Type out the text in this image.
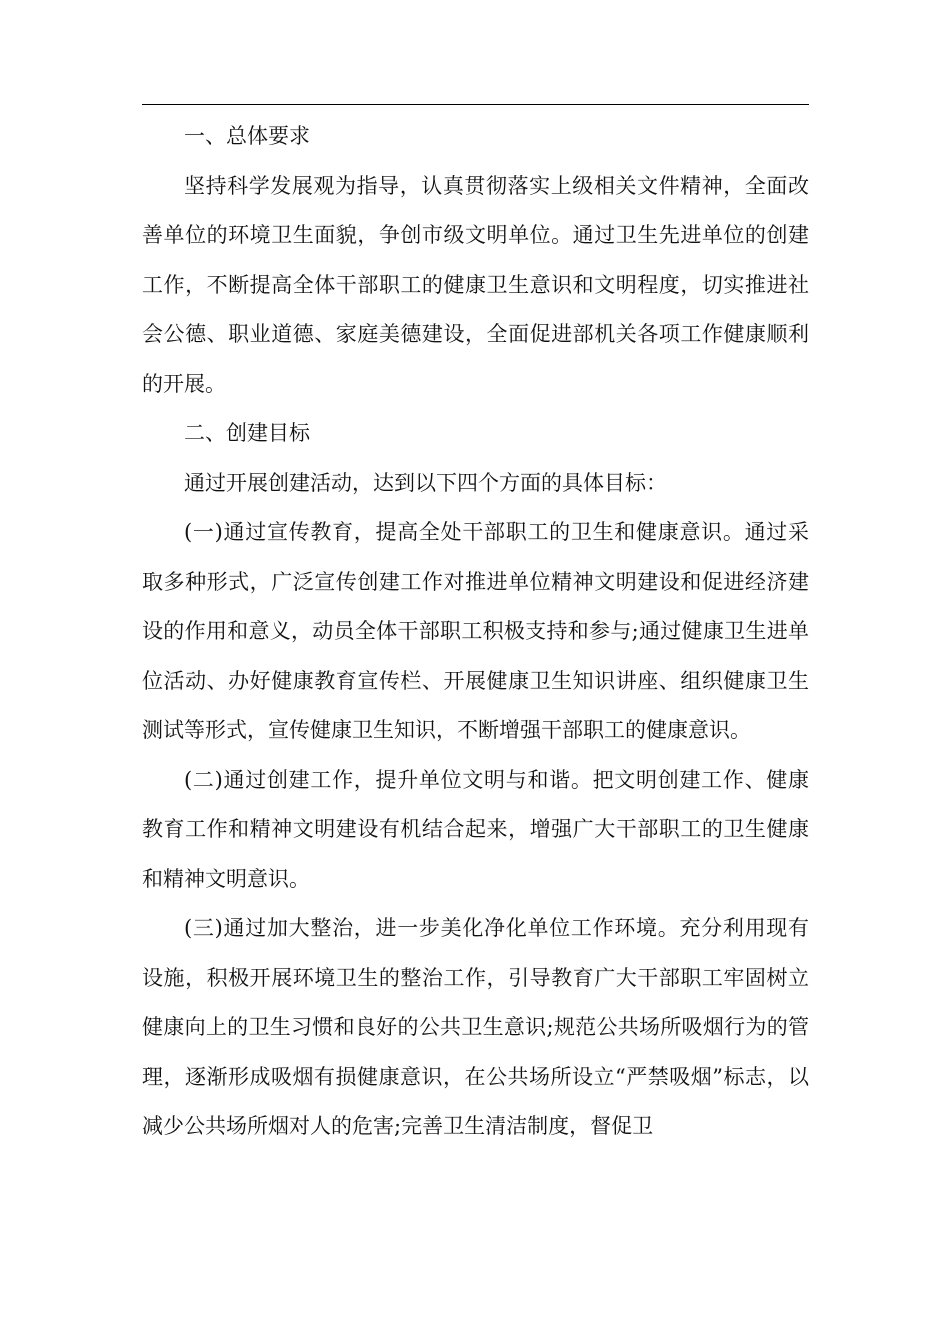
一、总体要求

坚持科学发展观为指导，认真贯彻落实上级相关文件精神，全面改善单位的环境卫生面貌，争创市级文明单位。通过卫生先进单位的创建工作，不断提高全体干部职工的健康卫生意识和文明程度，切实推进社会公德、职业道德、家庭美德建设，全面促进部机关各项工作健康顺利的开展。

二、创建目标

通过开展创建活动，达到以下四个方面的具体目标：

(一)通过宣传教育，提高全处干部职工的卫生和健康意识。通过采取多种形式，广泛宣传创建工作对推进单位精神文明建设和促进经济建设的作用和意义，动员全体干部职工积极支持和参与;通过健康卫生进单位活动、办好健康教育宣传栏、开展健康卫生知识讲座、组织健康卫生测试等形式，宣传健康卫生知识，不断增强干部职工的健康意识。

(二)通过创建工作，提升单位文明与和谐。把文明创建工作、健康教育工作和精神文明建设有机结合起来，增强广大干部职工的卫生健康和精神文明意识。

(三)通过加大整治，进一步美化净化单位工作环境。充分利用现有设施，积极开展环境卫生的整治工作，引导教育广大干部职工牢固树立健康向上的卫生习惯和良好的公共卫生意识;规范公共场所吸烟行为的管理，逐渐形成吸烟有损健康意识，在公共场所设立“严禁吸烟”标志，以减少公共场所烟对人的危害;完善卫生清洁制度，督促卫
